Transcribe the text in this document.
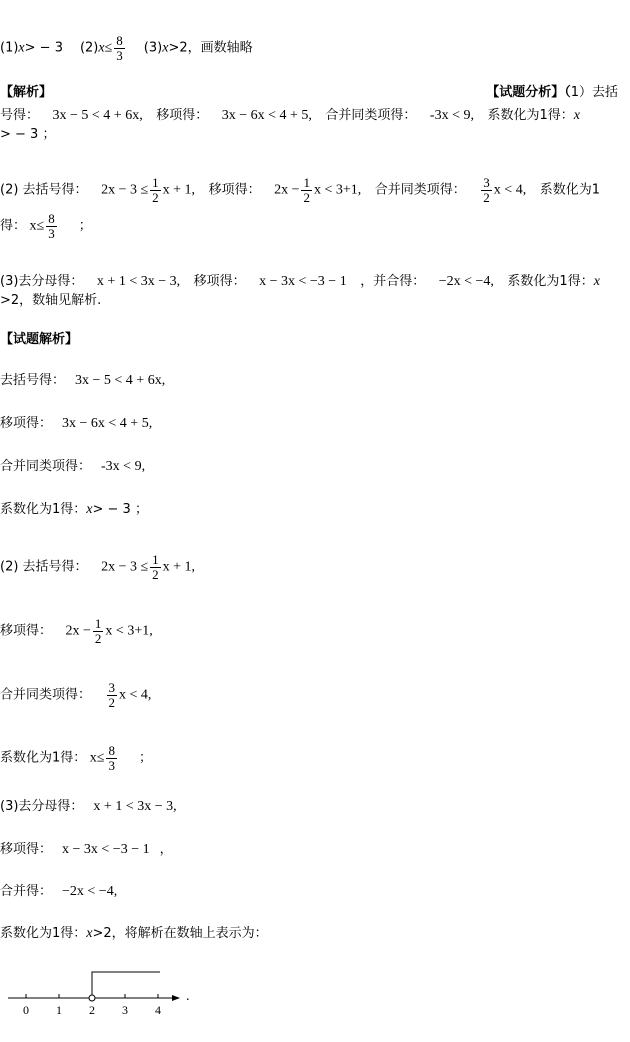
(1)x> − 3 $(2)x\le \frac{8}{3} (3)x>2$，画数轴略
【解析】	【试题分析】（1）去括
号得： 3x − 5 < 4 + 6x, 移项得： 3x − 6x < 4 + 5, 合并同类项得： -3x < 9, 系数化为1得：x
> − 3 ；
(2) 去括号得： $2x - 3 \le \frac{1}{2}$ x + 1, 移项得： $2x - \frac{1}{2}$ x < 3+1, 合并同类项得： $\frac{3}{2}$ x < 4, 系数化为1
得： $x\le \frac{8}{3}$ ；
(3)去分母得： x + 1 < 3x − 3, 移项得： x − 3x < −3 − 1 ，并合得： −2x < −4, 系数化为1得：x
>2，数轴见解析.
【试题解析】
去括号得： 3x − 5 < 4 + 6x,
移项得： 3x − 6x < 4 + 5,
合并同类项得： -3x < 9,
系数化为1得：x> − 3 ；
(2) 去括号得： $2x - 3 \le \frac{1}{2}$ x + 1,
移项得： $2x - \frac{1}{2}$ x < 3+1,
合并同类项得： $\frac{3}{2}$ x < 4,
系数化为1得： $x\le \frac{8}{3}$ ；
(3)去分母得： x + 1 < 3x − 3,
移项得： x − 3x < −3 − 1 ，
合并得： −2x < −4,
系数化为1得：x>2，将解析在数轴上表示为：
0 1 2 3 4
.
